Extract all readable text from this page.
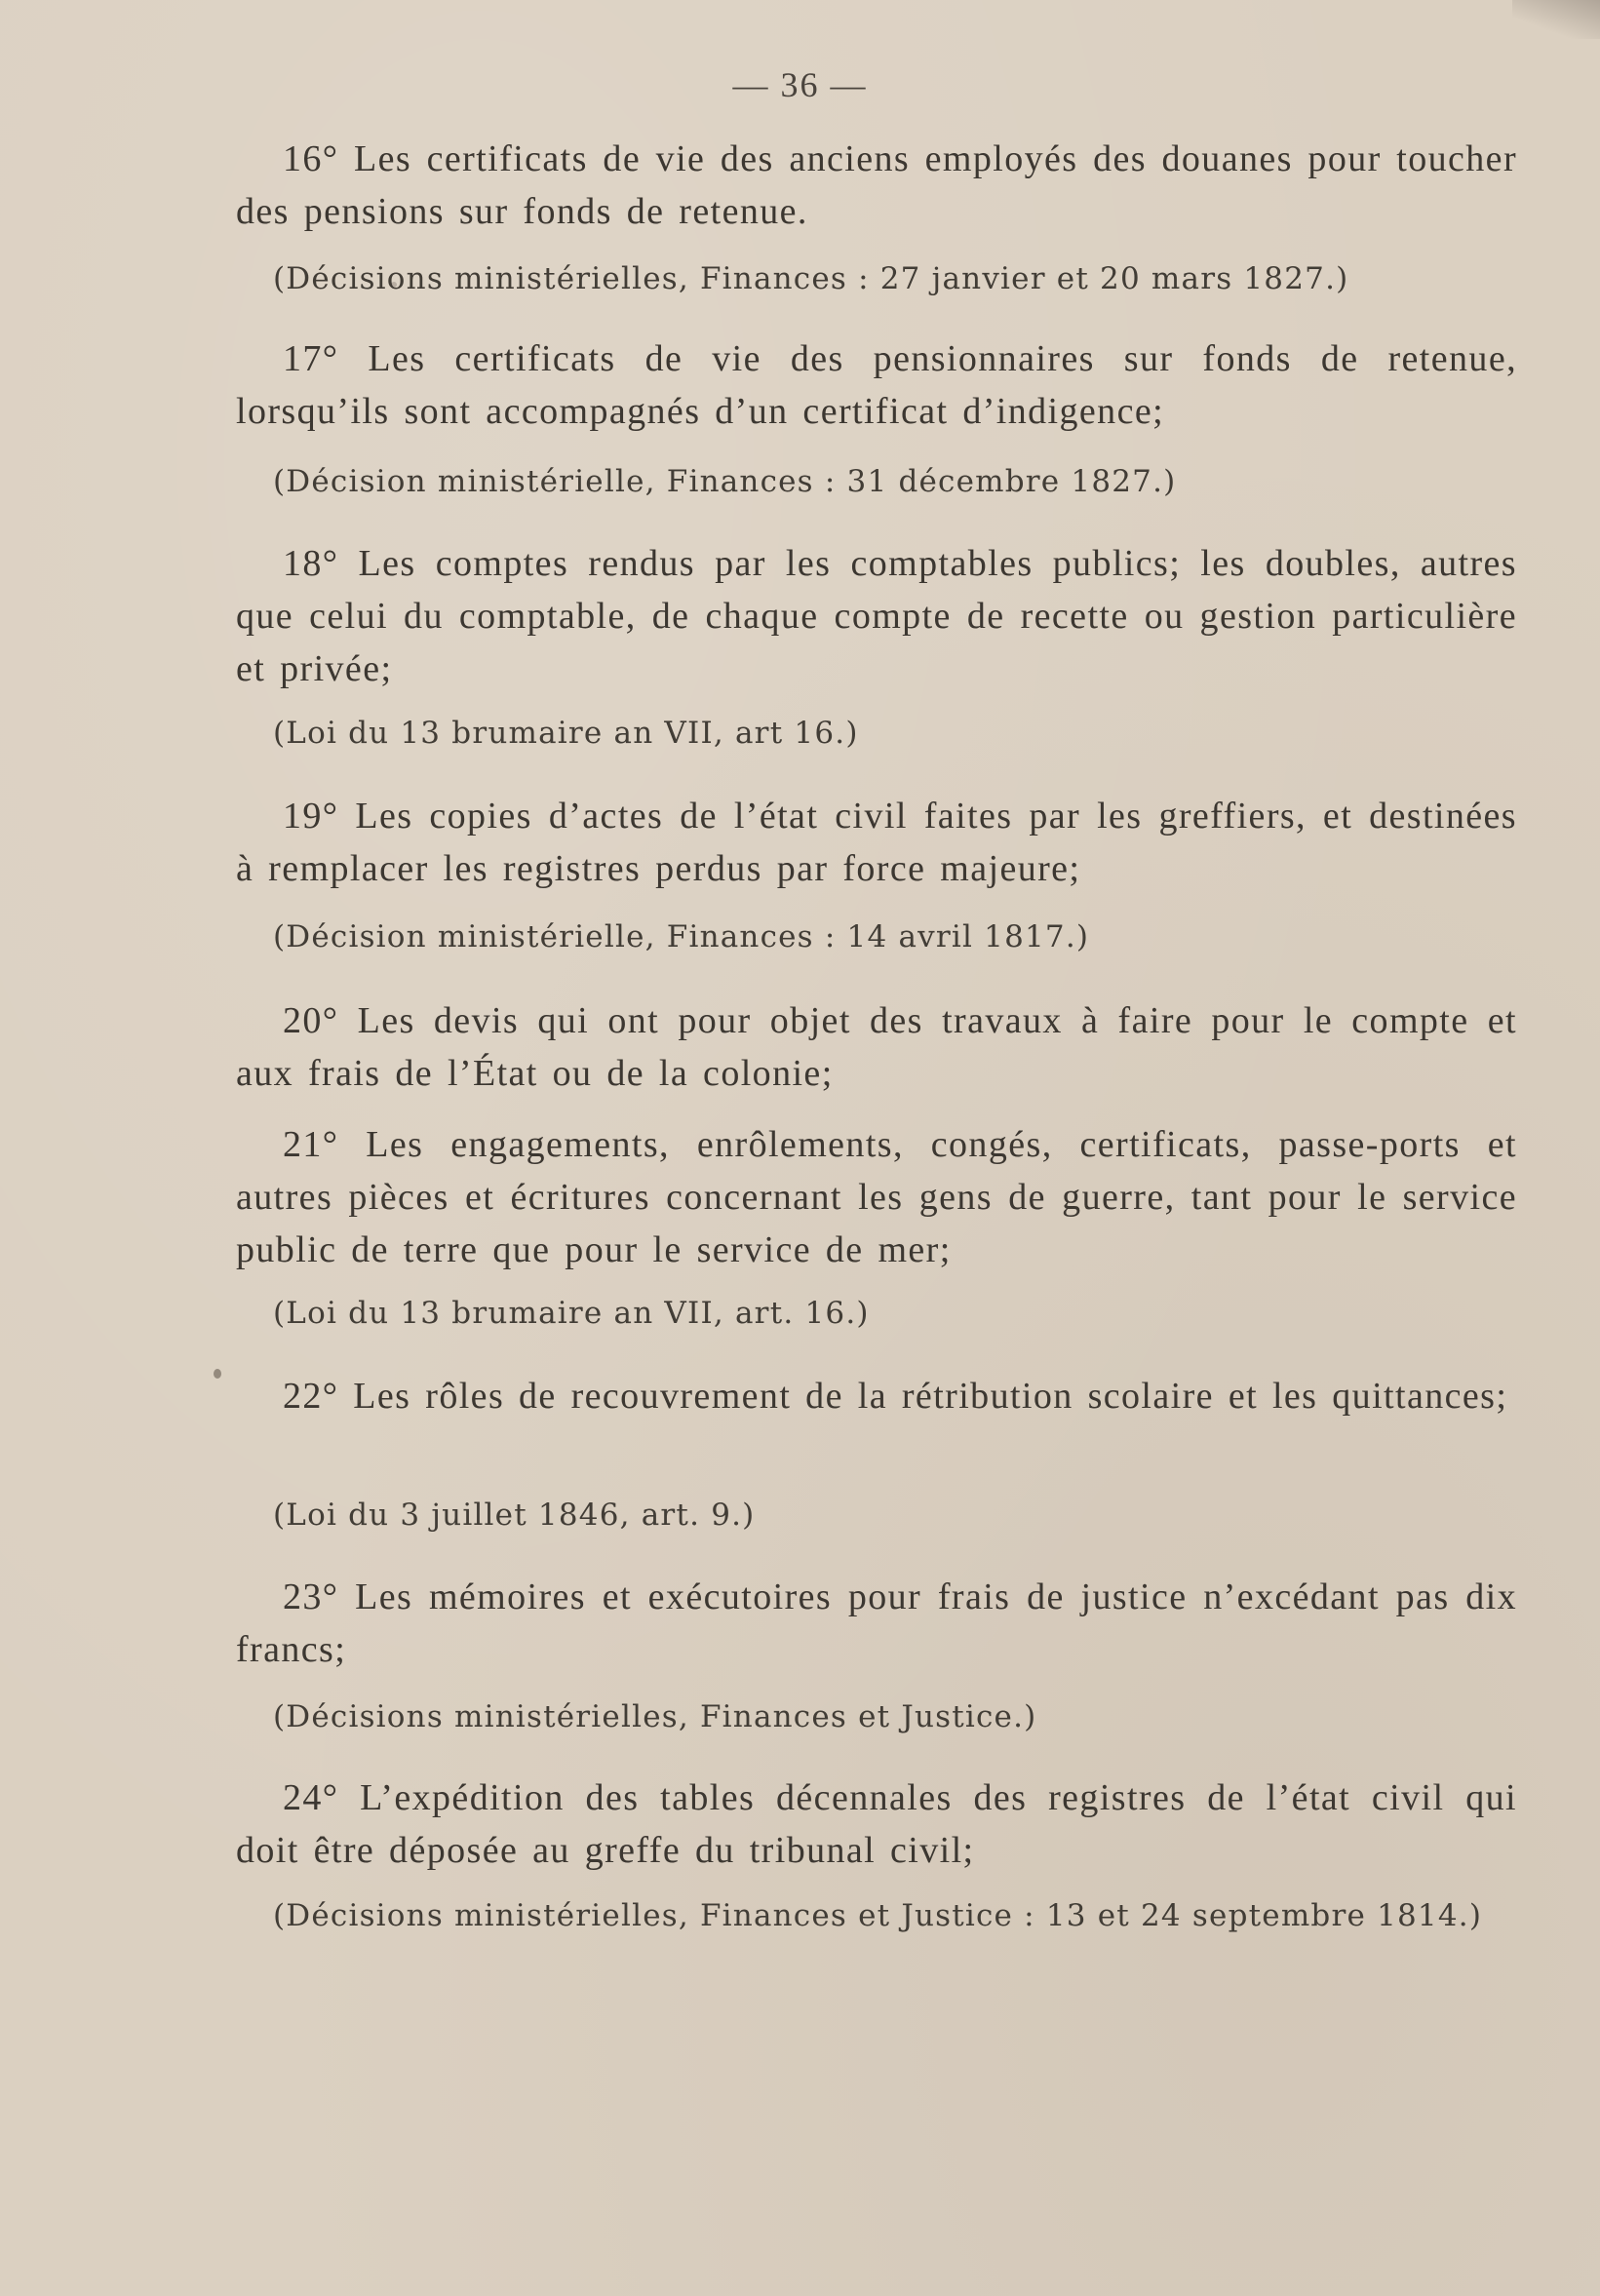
— 36 —
16° Les certificats de vie des anciens employés des douanes pour toucher des pensions sur fonds de retenue.
(Décisions ministérielles, Finances : 27 janvier et 20 mars 1827.)
17° Les certificats de vie des pensionnaires sur fonds de retenue, lorsqu’ils sont accompagnés d’un certificat d’indigence;
(Décision ministérielle, Finances : 31 décembre 1827.)
18° Les comptes rendus par les comptables publics; les doubles, autres que celui du comptable, de chaque compte de recette ou gestion particulière et privée;
(Loi du 13 brumaire an VII, art 16.)
19° Les copies d’actes de l’état civil faites par les greffiers, et destinées à remplacer les registres perdus par force majeure;
(Décision ministérielle, Finances : 14 avril 1817.)
20° Les devis qui ont pour objet des travaux à faire pour le compte et aux frais de l’État ou de la colonie;
21° Les engagements, enrôlements, congés, certificats, passe-ports et autres pièces et écritures concernant les gens de guerre, tant pour le service public de terre que pour le service de mer;
(Loi du 13 brumaire an VII, art. 16.)
22° Les rôles de recouvrement de la rétribution scolaire et les quittances;
(Loi du 3 juillet 1846, art. 9.)
23° Les mémoires et exécutoires pour frais de justice n’excédant pas dix francs;
(Décisions ministérielles, Finances et Justice.)
24° L’expédition des tables décennales des registres de l’état civil qui doit être déposée au greffe du tribunal civil;
(Décisions ministérielles, Finances et Justice : 13 et 24 septembre 1814.)
